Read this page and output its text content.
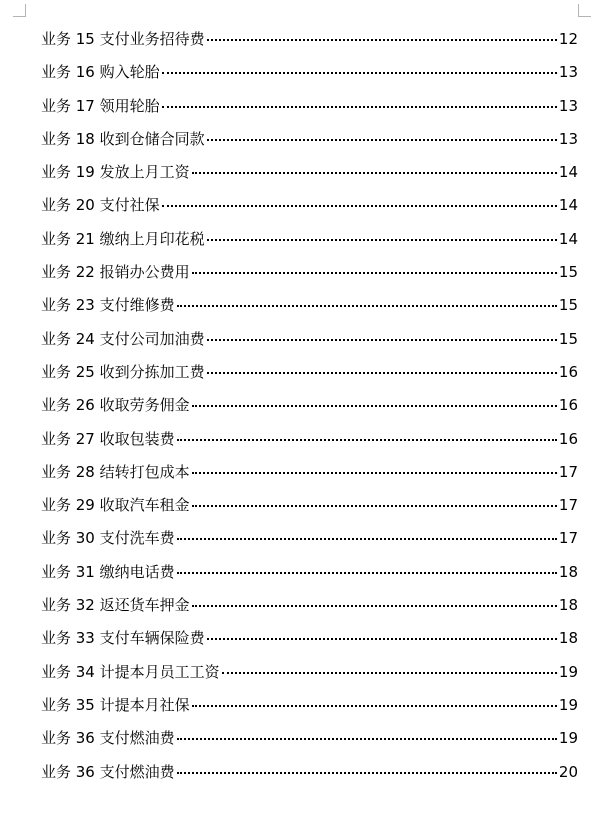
业务 15 支付业务招待费	12
业务 16 购入轮胎	13
业务 17 领用轮胎	13
业务 18 收到仓储合同款	13
业务 19 发放上月工资	14
业务 20 支付社保	14
业务 21 缴纳上月印花税	14
业务 22 报销办公费用	15
业务 23 支付维修费	15
业务 24 支付公司加油费	15
业务 25 收到分拣加工费	16
业务 26 收取劳务佣金	16
业务 27 收取包装费	16
业务 28 结转打包成本	17
业务 29 收取汽车租金	17
业务 30 支付洗车费	17
业务 31 缴纳电话费	18
业务 32 返还货车押金	18
业务 33 支付车辆保险费	18
业务 34 计提本月员工工资	19
业务 35 计提本月社保	19
业务 36 支付燃油费	19
业务 36 支付燃油费	20
